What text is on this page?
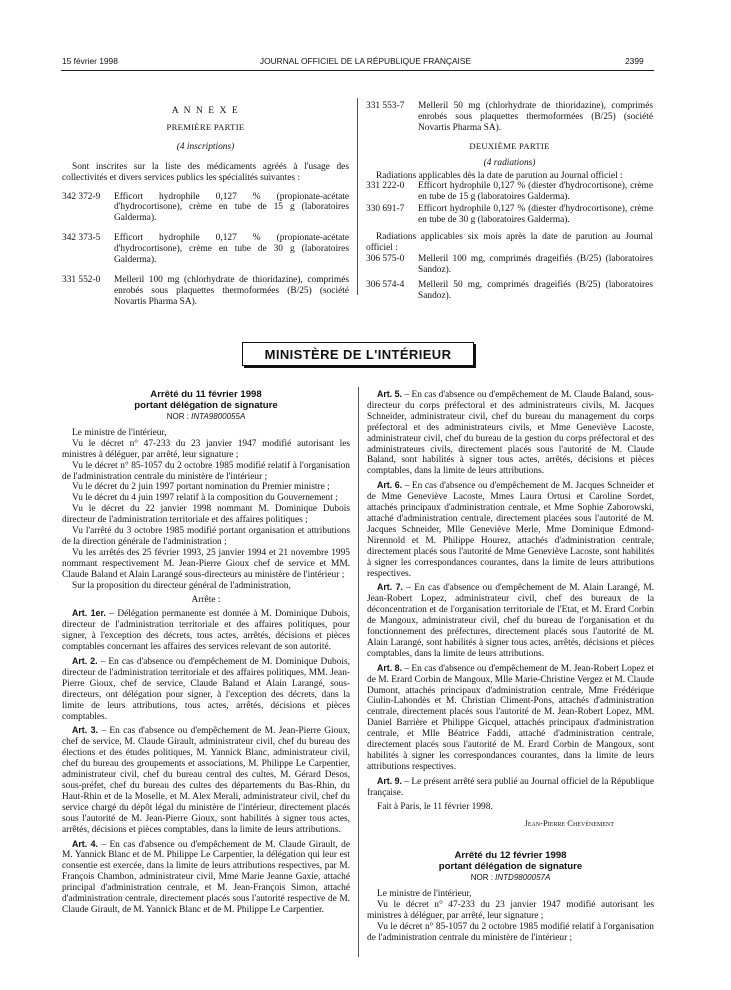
15 février 1998	JOURNAL OFFICIEL DE LA RÉPUBLIQUE FRANÇAISE	2399
A N N E X E
PREMIÈRE PARTIE
(4 inscriptions)

Sont inscrites sur la liste des médicaments agréés à l'usage des collectivités et divers services publics les spécialités suivantes :

342 372-9	Efficort hydrophile 0,127 % (propionate-acétate d'hydrocortisone), crème en tube de 15 g (laboratoires Galderma).
342 373-5	Efficort hydrophile 0,127 % (propionate-acétate d'hydrocortisone), crème en tube de 30 g (laboratoires Galderma).
331 552-0	Melleril 100 mg (chlorhydrate de thioridazine), comprimés enrobés sous plaquettes thermoformées (B/25) (société Novartis Pharma SA).
331 553-7	Melleril 50 mg (chlorhydrate de thioridazine), comprimés enrobés sous plaquettes thermoformées (B/25) (société Novartis Pharma SA).
DEUXIÈME PARTIE
(4 radiations)

Radiations applicables dès la date de parution au Journal officiel :

331 222-0	Efficort hydrophile 0,127 % (diester d'hydrocortisone), crème en tube de 15 g (laboratoires Galderma).
330 691-7	Efficort hydrophile 0,127 % (diester d'hydrocortisone), crème en tube de 30 g (laboratoires Galderma).

Radiations applicables six mois après la date de parution au Journal officiel :

306 575-0	Melleril 100 mg, comprimés drageifiés (B/25) (laboratoires Sandoz).
306 574-4	Melleril 50 mg, comprimés drageifiés (B/25) (laboratoires Sandoz).
MINISTÈRE DE L'INTÉRIEUR
Arrêté du 11 février 1998
portant délégation de signature
NOR : INTA9800055A

Le ministre de l'intérieur,

Vu le décret n° 47-233 du 23 janvier 1947 modifié autorisant les ministres à déléguer, par arrêté, leur signature ;

Vu le décret n° 85-1057 du 2 octobre 1985 modifié relatif à l'organisation de l'administration centrale du ministère de l'intérieur ;

Vu le décret du 2 juin 1997 portant nomination du Premier ministre ;

Vu le décret du 4 juin 1997 relatif à la composition du Gouvernement ;

Vu le décret du 22 janvier 1998 nommant M. Dominique Dubois directeur de l'administration territoriale et des affaires politiques ;

Vu l'arrêté du 3 octobre 1985 modifié portant organisation et attributions de la direction générale de l'administration ;

Vu les arrêtés des 25 février 1993, 25 janvier 1994 et 21 novembre 1995 nommant respectivement M. Jean-Pierre Gioux chef de service et MM. Claude Baland et Alain Larangé sous-directeurs au ministère de l'intérieur ;

Sur la proposition du directeur général de l'administration,

Arrête :

Art. 1er. – Délégation permanente est donnée à M. Dominique Dubois, directeur de l'administration territoriale et des affaires politiques, pour signer, à l'exception des décrets, tous actes, arrêtés, décisions et pièces comptables concernant les affaires des services relevant de son autorité.

Art. 2. – En cas d'absence ou d'empêchement de M. Dominique Dubois, directeur de l'administration territoriale et des affaires politiques, MM. Jean-Pierre Gioux, chef de service, Claude Baland et Alain Larangé, sous-directeurs, ont délégation pour signer, à l'exception des décrets, dans la limite de leurs attributions, tous actes, arrêtés, décisions et pièces comptables.

Art. 3. – En cas d'absence ou d'empêchement de M. Jean-Pierre Gioux, chef de service, M. Claude Girault, administrateur civil, chef du bureau des élections et des études politiques, M. Yannick Blanc, administrateur civil, chef du bureau des groupements et associations, M. Philippe Le Carpentier, administrateur civil, chef du bureau central des cultes, M. Gérard Desos, sous-préfet, chef du bureau des cultes des départements du Bas-Rhin, du Haut-Rhin et de la Moselle, et M. Alex Merali, administrateur civil, chef du service chargé du dépôt légal du ministère de l'intérieur, directement placés sous l'autorité de M. Jean-Pierre Gioux, sont habilités à signer tous actes, arrêtés, décisions et pièces comptables, dans la limite de leurs attributions.

Art. 4. – En cas d'absence ou d'empêchement de M. Claude Girault, de M. Yannick Blanc et de M. Philippe Le Carpentier, la délégation qui leur est consentie est exercée, dans la limite de leurs attributions respectives, par M. François Chambon, administrateur civil, Mme Marie Jeanne Gaxie, attaché principal d'administration centrale, et M. Jean-François Simon, attaché d'administration centrale, directement placés sous l'autorité respective de M. Claude Girault, de M. Yannick Blanc et de M. Philippe Le Carpentier.

Art. 5. – En cas d'absence ou d'empêchement de M. Claude Baland, sous-directeur du corps préfectoral et des administrateurs civils, M. Jacques Schneider, administrateur civil, chef du bureau du management du corps préfectoral et des administrateurs civils, et Mme Geneviève Lacoste, administrateur civil, chef du bureau de la gestion du corps préfectoral et des administrateurs civils, directement placés sous l'autorité de M. Claude Baland, sont habilités à signer tous actes, arrêtés, décisions et pièces comptables, dans la limite de leurs attributions.

Art. 6. – En cas d'absence ou d'empêchement de M. Jacques Schneider et de Mme Geneviève Lacoste, Mmes Laura Ortusi et Caroline Sordet, attachés principaux d'administration centrale, et Mme Sophie Zaborowski, attaché d'administration centrale, directement placées sous l'autorité de M. Jacques Schneider, Mlle Geneviève Merle, Mme Dominique Edmond-Nirennold et M. Philippe Hourez, attachés d'administration centrale, directement placés sous l'autorité de Mme Geneviève Lacoste, sont habilités à signer les correspondances courantes, dans la limite de leurs attributions respectives.

Art. 7. – En cas d'absence ou d'empêchement de M. Alain Larangé, M. Jean-Robert Lopez, administrateur civil, chef des bureaux de la déconcentration et de l'organisation territoriale de l'Etat, et M. Erard Corbin de Mangoux, administrateur civil, chef du bureau de l'organisation et du fonctionnement des préfectures, directement placés sous l'autorité de M. Alain Larangé, sont habilités à signer tous actes, arrêtés, décisions et pièces comptables, dans la limite de leurs attributions.

Art. 8. – En cas d'absence ou d'empêchement de M. Jean-Robert Lopez et de M. Erard Corbin de Mangoux, Mlle Marie-Christine Vergez et M. Claude Dumont, attachés principaux d'administration centrale, Mme Frédérique Ciulin-Lahondès et M. Christian Climent-Pons, attachés d'administration centrale, directement placés sous l'autorité de M. Jean-Robert Lopez, MM. Daniel Barrière et Philippe Gicquel, attachés principaux d'administration centrale, et Mlle Béatrice Faddi, attaché d'administration centrale, directement placés sous l'autorité de M. Erard Corbin de Mangoux, sont habilités à signer les correspondances courantes, dans la limite de leurs attributions respectives.

Art. 9. – Le présent arrêté sera publié au Journal officiel de la République française.

Fait à Paris, le 11 février 1998.

Jean-Pierre Chevènement
Arrêté du 12 février 1998
portant délégation de signature
NOR : INTD9800057A

Le ministre de l'intérieur,

Vu le décret n° 47-233 du 23 janvier 1947 modifié autorisant les ministres à déléguer, par arrêté, leur signature ;

Vu le décret n° 85-1057 du 2 octobre 1985 modifié relatif à l'organisation de l'administration centrale du ministère de l'intérieur ;
